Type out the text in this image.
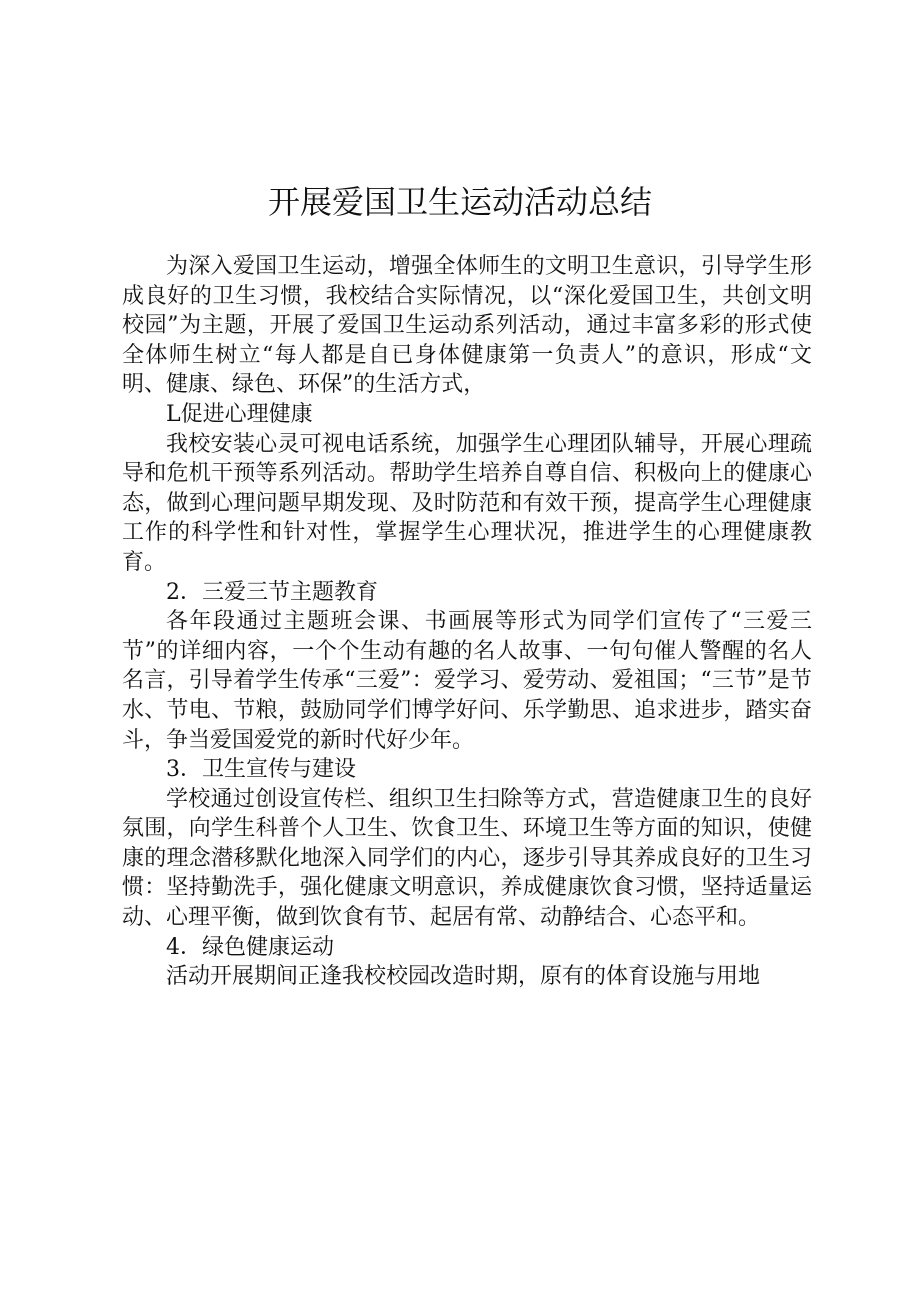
开展爱国卫生运动活动总结

为深入爱国卫生运动，增强全体师生的文明卫生意识，引导学生形成良好的卫生习惯，我校结合实际情况，以“深化爱国卫生，共创文明校园”为主题，开展了爱国卫生运动系列活动，通过丰富多彩的形式使全体师生树立“每人都是自已身体健康第一负责人”的意识，形成“文明、健康、绿色、环保”的生活方式，

L促进心理健康

我校安装心灵可视电话系统，加强学生心理团队辅导，开展心理疏导和危机干预等系列活动。帮助学生培养自尊自信、积极向上的健康心态，做到心理问题早期发现、及时防范和有效干预，提高学生心理健康工作的科学性和针对性，掌握学生心理状况，推进学生的心理健康教育。

2．三爱三节主题教育

各年段通过主题班会课、书画展等形式为同学们宣传了“三爱三节”的详细内容，一个个生动有趣的名人故事、一句句催人警醒的名人名言，引导着学生传承“三爱”：爱学习、爱劳动、爱祖国；“三节”是节水、节电、节粮，鼓励同学们博学好问、乐学勤思、追求进步，踏实奋斗，争当爱国爱党的新时代好少年。

3．卫生宣传与建设

学校通过创设宣传栏、组织卫生扫除等方式，营造健康卫生的良好氛围，向学生科普个人卫生、饮食卫生、环境卫生等方面的知识，使健康的理念潜移默化地深入同学们的内心，逐步引导其养成良好的卫生习惯：坚持勤洗手，强化健康文明意识，养成健康饮食习惯，坚持适量运动、心理平衡，做到饮食有节、起居有常、动静结合、心态平和。

4．绿色健康运动

活动开展期间正逢我校校园改造时期，原有的体育设施与用地
